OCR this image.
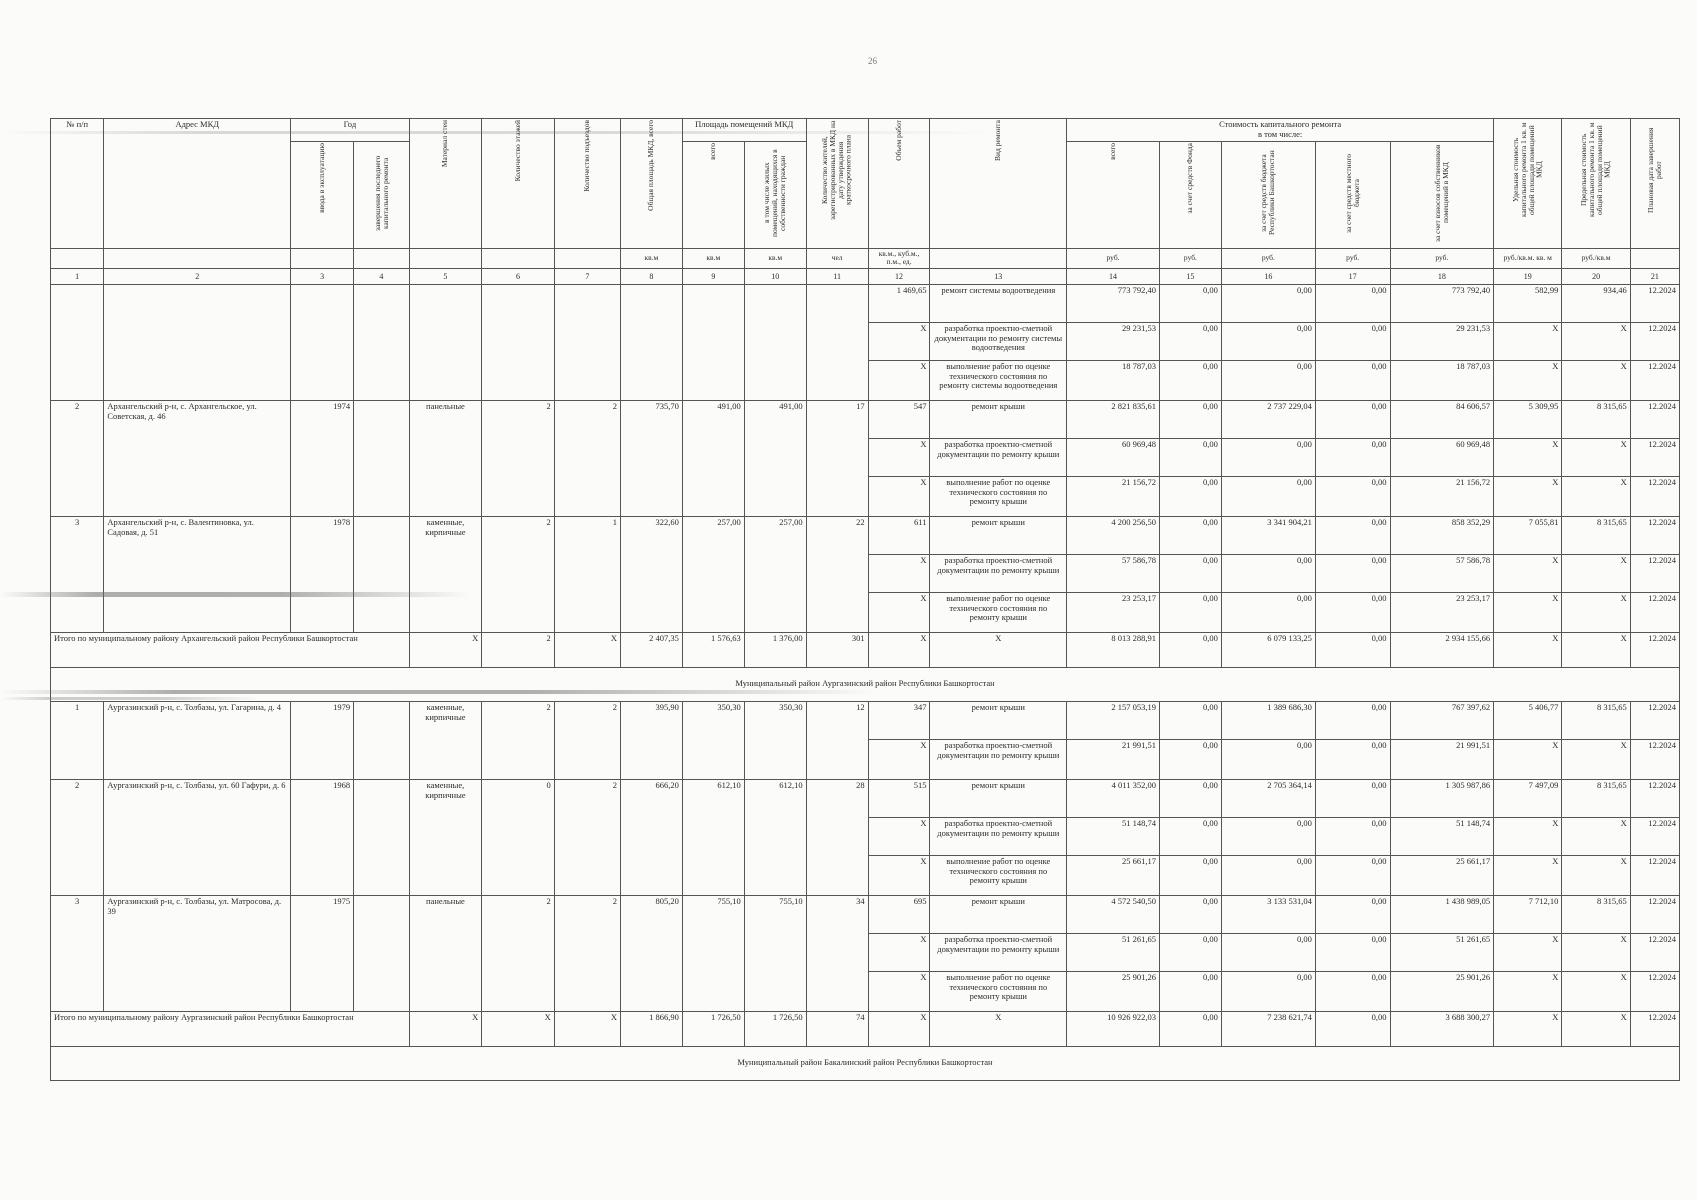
26
№ п/п	Адрес МКД	Год		Материал стен	Количество этажей	Количество подъездов	Общая площадь МКД, всего	Площадь помещений МКД		Количество жителей, зарегистрированных в МКД на дату утверждения краткосрочного плана	Объем работ	Вид ремонта	Стоимость капитального ремонта
в том числе:					Удельная стоимость капитального ремонта 1 кв. м общей площади помещений МКД	Предельная стоимость капитального ремонта 1 кв. м общей площади помещений МКД	Плановая дата завершения работ
		ввода в эксплуатацию	завершения последнего капитального ремонта					всего	в том числе жилых помещений, находящихся в собственности граждан				всего	за счет средств Фонда	за счет средств бюджета Республики Башкортостан	за счет средств местного бюджета	за счет взносов собственников помещений в МКД			
							кв.м	кв.м	кв.м	чел	кв.м., куб.м., п.м., ед.		руб.	руб.	руб.	руб.	руб.	руб./кв.м. кв. м	руб./кв.м	
1	2	3	4	5	6	7	8	9	10	11	12	13	14	15	16	17	18	19	20	21
											1 469,65	ремонт системы водоотведения	773 792,40	0,00	0,00	0,00	773 792,40	582,99	934,46	12.2024
											X	разработка проектно-сметной документации по ремонту системы водоотведения	29 231,53	0,00	0,00	0,00	29 231,53	X	X	12.2024
											X	выполнение работ по оценке технического состояния по ремонту системы водоотведения	18 787,03	0,00	0,00	0,00	18 787,03	X	X	12.2024
2	Архангельский р-н, с. Архангельское, ул. Советская, д. 46	1974		панельные	2	2	735,70	491,00	491,00	17	547	ремонт крыши	2 821 835,61	0,00	2 737 229,04	0,00	84 606,57	5 309,95	8 315,65	12.2024
											X	разработка проектно-сметной документации по ремонту крыши	60 969,48	0,00	0,00	0,00	60 969,48	X	X	12.2024
											X	выполнение работ по оценке технического состояния по ремонту крыши	21 156,72	0,00	0,00	0,00	21 156,72	X	X	12.2024
3	Архангельский р-н, с. Валентиновка, ул. Садовая, д. 51	1978		каменные, кирпичные	2	1	322,60	257,00	257,00	22	611	ремонт крыши	4 200 256,50	0,00	3 341 904,21	0,00	858 352,29	7 055,81	8 315,65	12.2024
											X	разработка проектно-сметной документации по ремонту крыши	57 586,78	0,00	0,00	0,00	57 586,78	X	X	12.2024
											X	выполнение работ по оценке технического состояния по ремонту крыши	23 253,17	0,00	0,00	0,00	23 253,17	X	X	12.2024
Итого по муниципальному району Архангельский район Республики Башкортостан				X	2	X	2 407,35	1 576,63	1 376,00	301	X	X	8 013 288,91	0,00	6 079 133,25	0,00	2 934 155,66	X	X	12.2024
Муниципальный район Аургазинский район Республики Башкортостан																				
1	Аургазинский р-н, с. Толбазы, ул. Гагарина, д. 4	1979		каменные, кирпичные	2	2	395,90	350,30	350,30	12	347	ремонт крыши	2 157 053,19	0,00	1 389 686,30	0,00	767 397,62	5 406,77	8 315,65	12.2024
											X	разработка проектно-сметной документации по ремонту крыши	21 991,51	0,00	0,00	0,00	21 991,51	X	X	12.2024
2	Аургазинский р-н, с. Толбазы, ул. 60 Гафури, д. 6	1968		каменные, кирпичные	0	2	666,20	612,10	612,10	28	515	ремонт крыши	4 011 352,00	0,00	2 705 364,14	0,00	1 305 987,86	7 497,09	8 315,65	12.2024
											X	разработка проектно-сметной документации по ремонту крыши	51 148,74	0,00	0,00	0,00	51 148,74	X	X	12.2024
											X	выполнение работ по оценке технического состояния по ремонту крыши	25 661,17	0,00	0,00	0,00	25 661,17	X	X	12.2024
3	Аургазинский р-н, с. Толбазы, ул. Матросова, д. 39	1975		панельные	2	2	805,20	755,10	755,10	34	695	ремонт крыши	4 572 540,50	0,00	3 133 531,04	0,00	1 438 989,05	7 712,10	8 315,65	12.2024
											X	разработка проектно-сметной документации по ремонту крыши	51 261,65	0,00	0,00	0,00	51 261,65	X	X	12.2024
											X	выполнение работ по оценке технического состояния по ремонту крыши	25 901,26	0,00	0,00	0,00	25 901,26	X	X	12.2024
Итого по муниципальному району Аургазинский район Республики Башкортостан				X	X	X	1 866,90	1 726,50	1 726,50	74	X	X	10 926 922,03	0,00	7 238 621,74	0,00	3 688 300,27	X	X	12.2024
Муниципальный район Бакалинский район Республики Башкортостан																				
